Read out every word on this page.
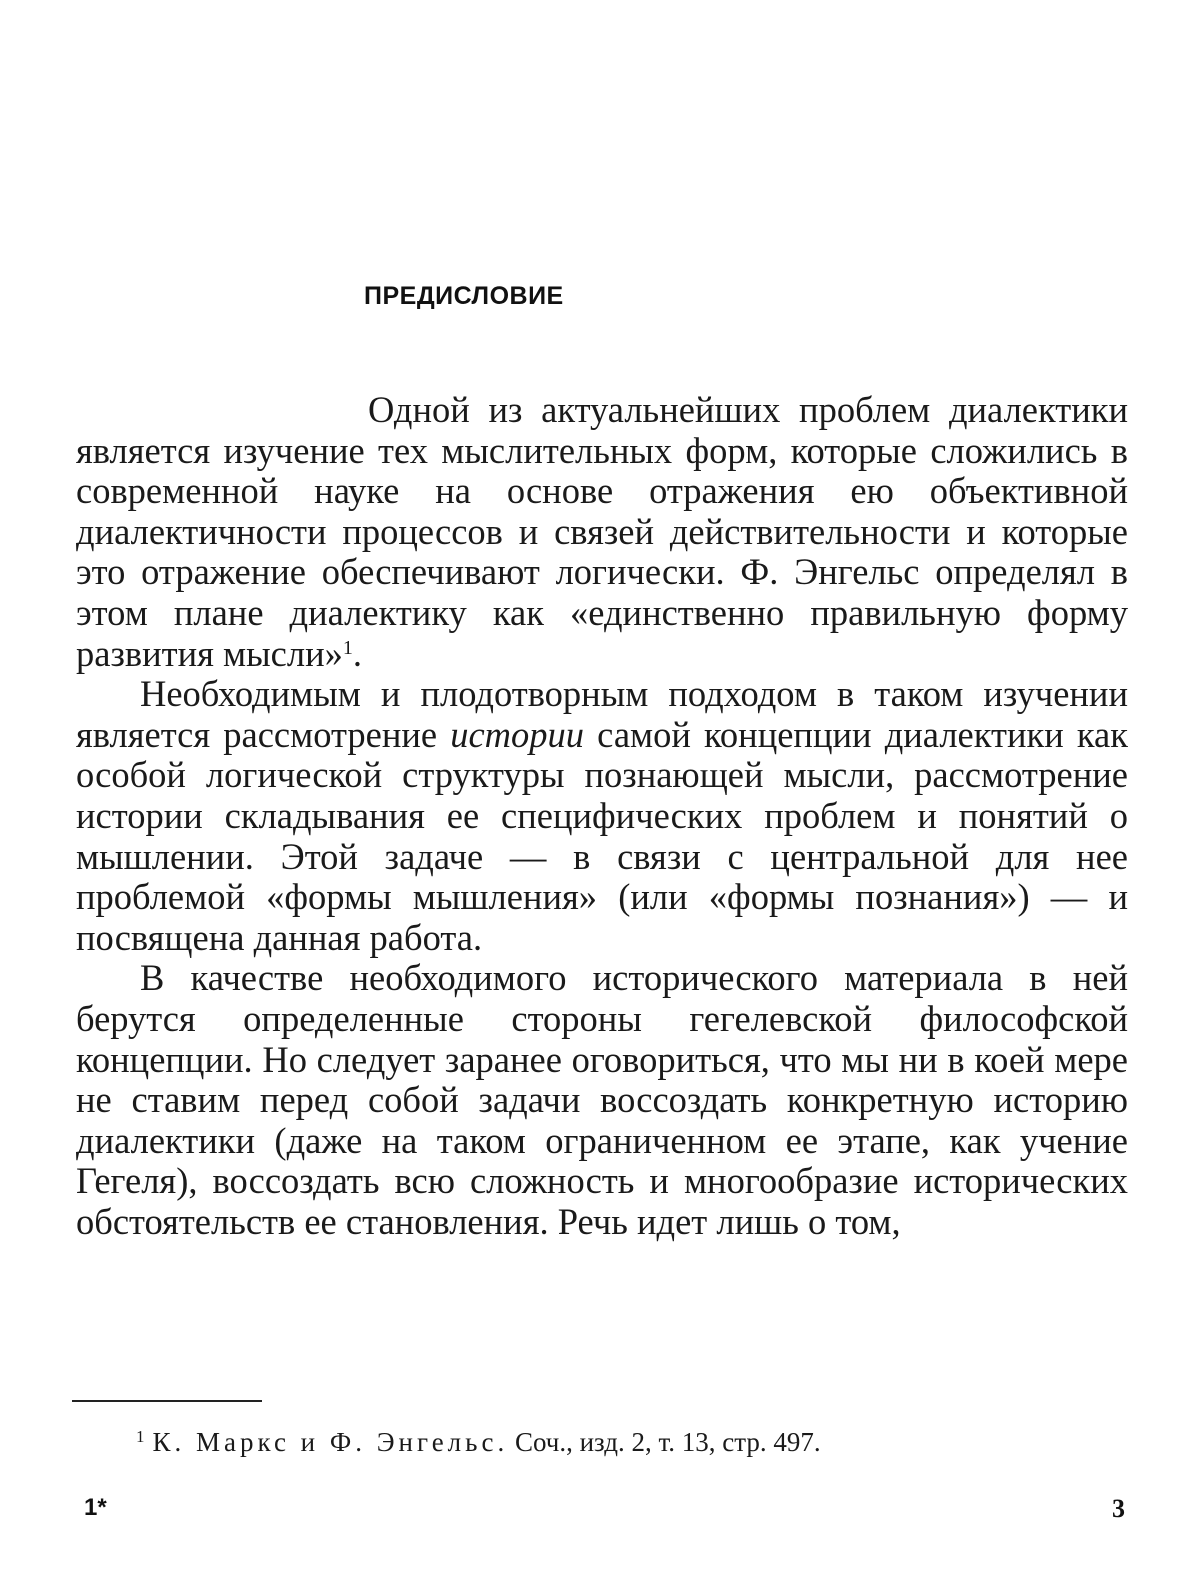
ПРЕДИСЛОВИЕ

Одной из актуальнейших проблем диалектики является изучение тех мыслительных форм, которые сложились в современной науке на основе отражения ею объективной диалектичности процессов и связей действительности и которые это отражение обеспечивают логически. Ф. Энгельс определял в этом плане диалектику как «единственно правильную форму развития мысли»$^1$.

Необходимым и плодотворным подходом в таком изучении является рассмотрение истории самой концепции диалектики как особой логической структуры познающей мысли, рассмотрение истории складывания ее специфических проблем и понятий о мышлении. Этой задаче — в связи с центральной для нее проблемой «формы мышления» (или «формы познания») — и посвящена данная работа.

В качестве необходимого исторического материала в ней берутся определенные стороны гегелевской философской концепции. Но следует заранее оговориться, что мы ни в коей мере не ставим перед собой задачи воссоздать конкретную историю диалектики (даже на таком ограниченном ее этапе, как учение Гегеля), воссоздать всю сложность и многообразие исторических обстоятельств ее становления. Речь идет лишь о том,

$^1$ К. Маркс и Ф. Энгельс. Соч., изд. 2, т. 13, стр. 497.
1*	3
